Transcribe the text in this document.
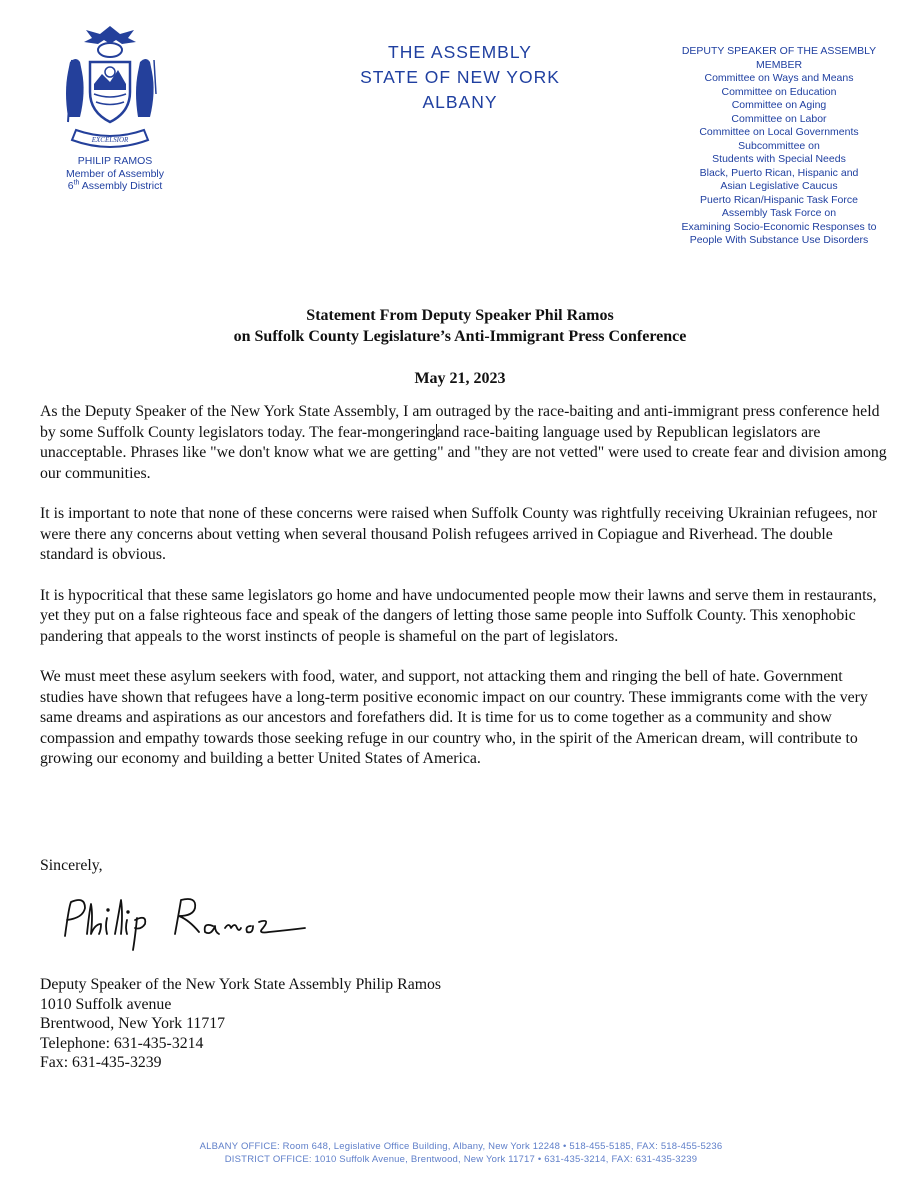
EXCELSIOR
PHILIP RAMOS
Member of Assembly
6th Assembly District
THE ASSEMBLY
STATE OF NEW YORK
ALBANY
DEPUTY SPEAKER OF THE ASSEMBLY
MEMBER
Committee on Ways and Means
Committee on Education
Committee on Aging
Committee on Labor
Committee on Local Governments
Subcommittee on
Students with Special Needs
Black, Puerto Rican, Hispanic and
Asian Legislative Caucus
Puerto Rican/Hispanic Task Force
Assembly Task Force on
Examining Socio-Economic Responses to
People With Substance Use Disorders
Statement From Deputy Speaker Phil Ramos
on Suffolk County Legislature’s Anti-Immigrant Press Conference
May 21, 2023

As the Deputy Speaker of the New York State Assembly, I am outraged by the race-baiting and anti-immigrant press conference held by some Suffolk County legislators today. The fear-mongeringand race-baiting language used by Republican legislators are unacceptable. Phrases like "we don't know what we are getting" and "they are not vetted" were used to create fear and division among our communities.

It is important to note that none of these concerns were raised when Suffolk County was rightfully receiving Ukrainian refugees, nor were there any concerns about vetting when several thousand Polish refugees arrived in Copiague and Riverhead. The double standard is obvious.

It is hypocritical that these same legislators go home and have undocumented people mow their lawns and serve them in restaurants, yet they put on a false righteous face and speak of the dangers of letting those same people into Suffolk County. This xenophobic pandering that appeals to the worst instincts of people is shameful on the part of legislators.

We must meet these asylum seekers with food, water, and support, not attacking them and ringing the bell of hate. Government studies have shown that refugees have a long-term positive economic impact on our country. These immigrants come with the very same dreams and aspirations as our ancestors and forefathers did. It is time for us to come together as a community and show compassion and empathy towards those seeking refuge in our country who, in the spirit of the American dream, will contribute to growing our economy and building a better United States of America.

Sincerely,
Deputy Speaker of the New York State Assembly Philip Ramos
1010 Suffolk avenue
Brentwood, New York 11717
Telephone: 631-435-3214
Fax: 631-435-3239
ALBANY OFFICE: Room 648, Legislative Office Building, Albany, New York 12248 • 518-455-5185, FAX: 518-455-5236
DISTRICT OFFICE: 1010 Suffolk Avenue, Brentwood, New York 11717 • 631-435-3214, FAX: 631-435-3239
